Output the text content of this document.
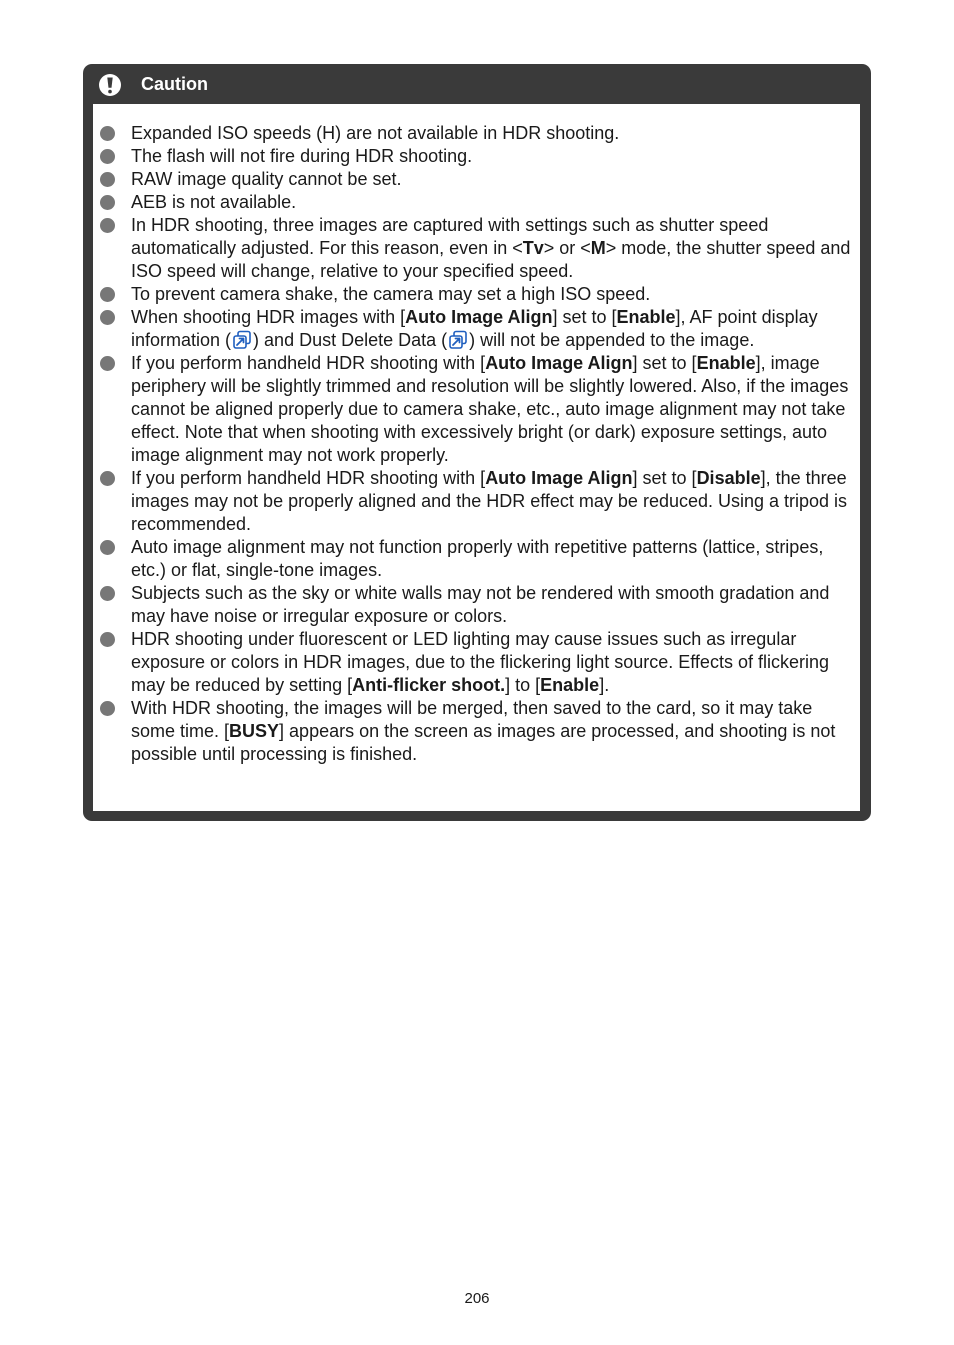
Caution
Expanded ISO speeds (H) are not available in HDR shooting.
The flash will not fire during HDR shooting.
RAW image quality cannot be set.
AEB is not available.
In HDR shooting, three images are captured with settings such as shutter speed automatically adjusted. For this reason, even in <Tv> or <M> mode, the shutter speed and ISO speed will change, relative to your specified speed.
To prevent camera shake, the camera may set a high ISO speed.
When shooting HDR images with [Auto Image Align] set to [Enable], AF point display information ( ) and Dust Delete Data ( ) will not be appended to the image.
If you perform handheld HDR shooting with [Auto Image Align] set to [Enable], image periphery will be slightly trimmed and resolution will be slightly lowered. Also, if the images cannot be aligned properly due to camera shake, etc., auto image alignment may not take effect. Note that when shooting with excessively bright (or dark) exposure settings, auto image alignment may not work properly.
If you perform handheld HDR shooting with [Auto Image Align] set to [Disable], the three images may not be properly aligned and the HDR effect may be reduced. Using a tripod is recommended.
Auto image alignment may not function properly with repetitive patterns (lattice, stripes, etc.) or flat, single-tone images.
Subjects such as the sky or white walls may not be rendered with smooth gradation and may have noise or irregular exposure or colors.
HDR shooting under fluorescent or LED lighting may cause issues such as irregular exposure or colors in HDR images, due to the flickering light source. Effects of flickering may be reduced by setting [Anti-flicker shoot.] to [Enable].
With HDR shooting, the images will be merged, then saved to the card, so it may take some time. [BUSY] appears on the screen as images are processed, and shooting is not possible until processing is finished.
206
